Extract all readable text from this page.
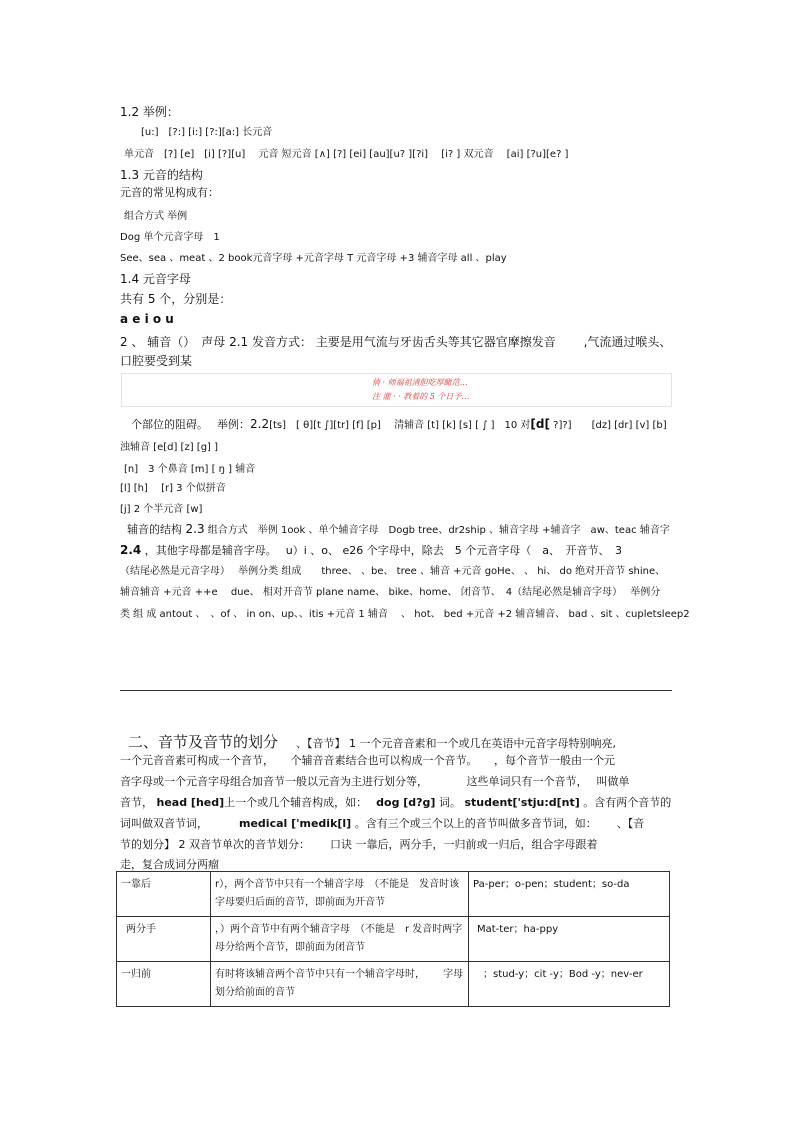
1.2 举例：
[u:]　[?:] [i:] [?:][a:] 长元音
单元音　[?] [e]　[i] [?][u]　 元音 短元音 [∧] [?] [ei] [au][u? ][?i]　 [i? ] 双元音　 [ai] [?u][e? ]
1.3 元音的结构
元音的常见构成有：
组合方式 举例
Dog 单个元音字母　1
See、sea 、meat 、2 book元音字母 +元音字母 T 元音字母 +3 辅音字母 all 、play
1.4 元音字母
共有 5 个，分别是：
a e i o u
2 、 辅音（）　声母 2.1 发音方式： 主要是用气流与牙齿舌头等其它器官摩擦发音　　 ,气流通过喉头、
口腔要受到某
倩 · 师福祖清胆吃厚瞰范…
注 灌 · · 教着的 5 个日予…
个部位的阻碍。　 举例：2.2[ts]　[ θ][t ∫][tr] [f] [p]　 清辅音 [t] [k] [s] [ ∫ ]　10 对[d[ ?]?]　　[dz] [dr] [v] [b]
浊辅音 [e[d] [z] [g] ]
[n]　3 个鼻音 [m] [ ŋ ] 辅音
[l] [h]　 [r] 3 个似拼音
[j] 2 个半元音 [w]
辅音的结构 2.3 组合方式　举例 1ook 、单个辅音字母　Dogb tree、dr2ship 、辅音字母 +辅音字　aw、teac 辅音字
2.4 ，其他字母都是辅音字母。　 u）i 、o、 e26 个字母中，除去　5 个元音字母（　a、　开音节、　3
（结尾必然是元音字母）　 举例分类 组成　　three、 、be、 tree 、辅音 +元音 goHe、 、 hi、 do 绝对开音节 shine、
辅音辅音 +元音 ++e　 due、 相对开音节 plane name、 bike、home、 闭音节、　4（结尾必然是辅音字母）　 举例分
类 组 成 antout 、　、of 、 in on、up、、itis +元音 1 辅音　 、 hot、 bed +元音 +2 辅音辅音、 bad 、sit 、cupletsleep2
二、音节及音节的划分 、【音节】 1 一个元音音素和一个或几在英语中元音字母特别响亮,
一个元音音素可构成一个音节，　　个辅音音素结合也可以构成一个音节。　　，每个音节一般由一个元
音字母或一个元音字母组合加音节一般以元音为主进行划分等，　　　　这些单词只有一个音节，　 叫做单
音节， head [hed]上一个或几个辅音构成，如：　 dog [d?g] 词。 student['stju:d[nt] 。含有两个音节的
词叫做双音节词，　　　 medical ['medik[l] 。含有三个或三个以上的音节叫做多音节词，如：　　 、【音
节的划分】 2 双音节单次的音节划分：　　 口诀 一靠后，两分手，一归前或一归后，组合字母跟着
走，复合成词分两瘤
一靠后	r），两个音节中只有一个辅音字母　（不能是　发音时该字母要归后面的音节，即前面为开音节	Pa-per；o-pen；student；so-da
两分手	，）两个音节中有两个辅音字母　（不能是　r 发音时两字母分给两个音节，即前面为闭音节	Mat-ter；ha-ppy
一归前	有时将该辅音两个音节中只有一个辅音字母时，　　 字母划分给前面的音节	；stud-y；cit -y；Bod -y；nev-er
